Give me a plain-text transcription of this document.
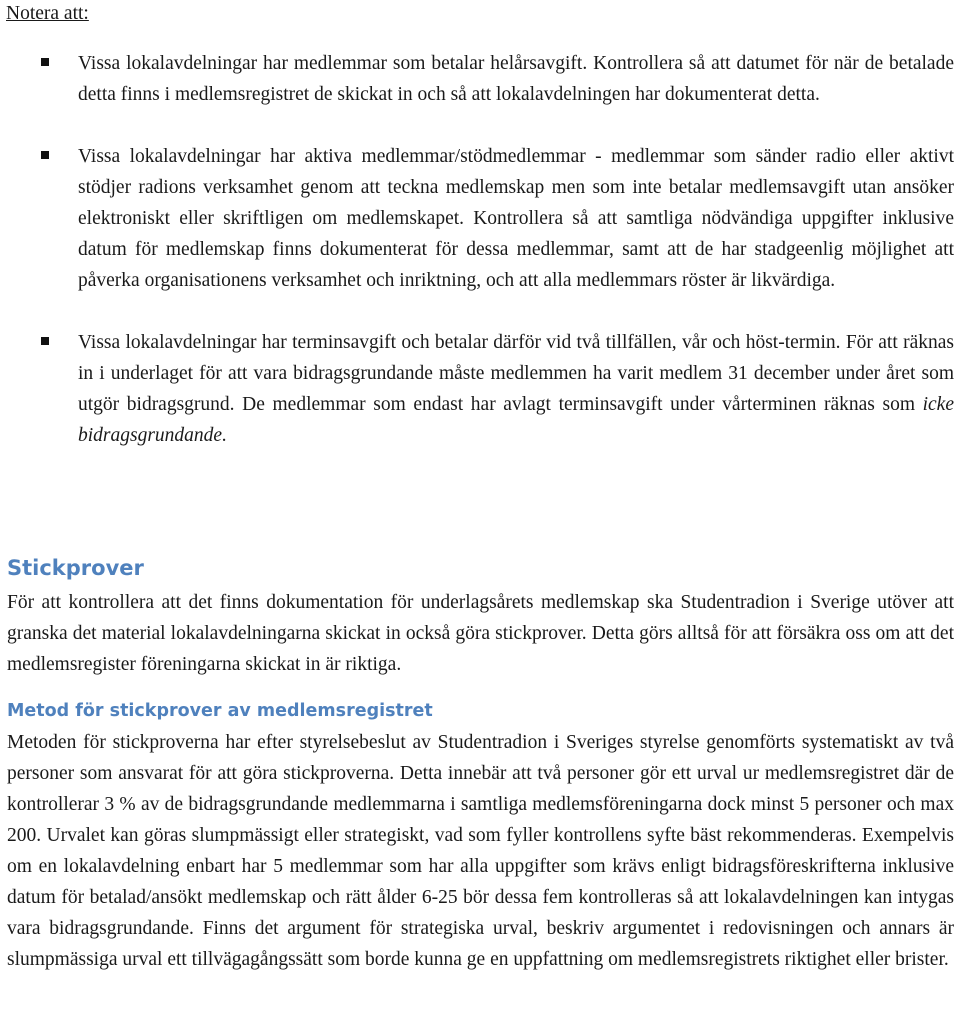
Notera att:

Vissa lokalavdelningar har medlemmar som betalar helårsavgift. Kontrollera så att datumet för när de betalade detta finns i medlemsregistret de skickat in och så att lokalavdelningen har dokumenterat detta.
Vissa lokalavdelningar har aktiva medlemmar/stödmedlemmar - medlemmar som sänder radio eller aktivt stödjer radions verksamhet genom att teckna medlemskap men som inte betalar medlemsavgift utan ansöker elektroniskt eller skriftligen om medlemskapet. Kontrollera så att samtliga nödvändiga uppgifter inklusive datum för medlemskap finns dokumenterat för dessa medlemmar, samt att de har stadgeenlig möjlighet att påverka organisationens verksamhet och inriktning, och att alla medlemmars röster är likvärdiga.
Vissa lokalavdelningar har terminsavgift och betalar därför vid två tillfällen, vår och höst-termin. För att räknas in i underlaget för att vara bidragsgrundande måste medlemmen ha varit medlem 31 december under året som utgör bidragsgrund. De medlemmar som endast har avlagt terminsavgift under vårterminen räknas som icke bidragsgrundande.
Stickprover

För att kontrollera att det finns dokumentation för underlagsårets medlemskap ska Studentradion i Sverige utöver att granska det material lokalavdelningarna skickat in också göra stickprover. Detta görs alltså för att försäkra oss om att det medlemsregister föreningarna skickat in är riktiga.

Metod för stickprover av medlemsregistret

Metoden för stickproverna har efter styrelsebeslut av Studentradion i Sveriges styrelse genomförts systematiskt av två personer som ansvarat för att göra stickproverna. Detta innebär att två personer gör ett urval ur medlemsregistret där de kontrollerar 3 % av de bidragsgrundande medlemmarna i samtliga medlemsföreningarna dock minst 5 personer och max 200. Urvalet kan göras slumpmässigt eller strategiskt, vad som fyller kontrollens syfte bäst rekommenderas. Exempelvis om en lokalavdelning enbart har 5 medlemmar som har alla uppgifter som krävs enligt bidragsföreskrifterna inklusive datum för betalad/ansökt medlemskap och rätt ålder 6-25 bör dessa fem kontrolleras så att lokalavdelningen kan intygas vara bidragsgrundande. Finns det argument för strategiska urval, beskriv argumentet i redovisningen och annars är slumpmässiga urval ett tillvägagångssätt som borde kunna ge en uppfattning om medlemsregistrets riktighet eller brister.
